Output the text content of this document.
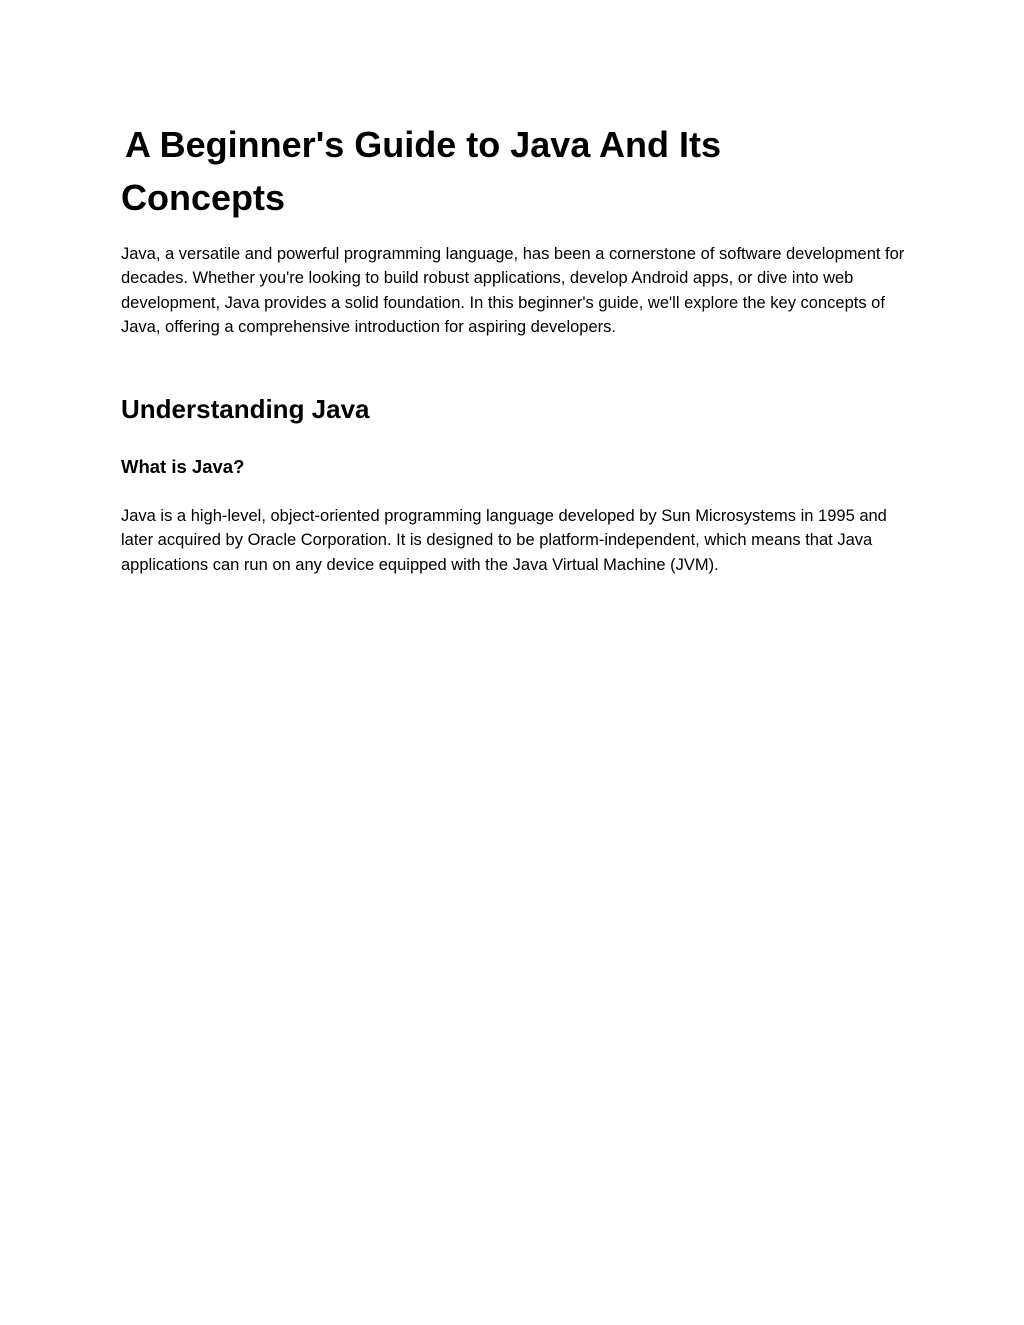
A Beginner's Guide to Java And Its Concepts

Java, a versatile and powerful programming language, has been a cornerstone of software development for decades. Whether you're looking to build robust applications, develop Android apps, or dive into web development, Java provides a solid foundation. In this beginner's guide, we'll explore the key concepts of Java, offering a comprehensive introduction for aspiring developers.

Understanding Java
What is Java?

Java is a high-level, object-oriented programming language developed by Sun Microsystems in 1995 and later acquired by Oracle Corporation. It is designed to be platform-independent, which means that Java applications can run on any device equipped with the Java Virtual Machine (JVM).
